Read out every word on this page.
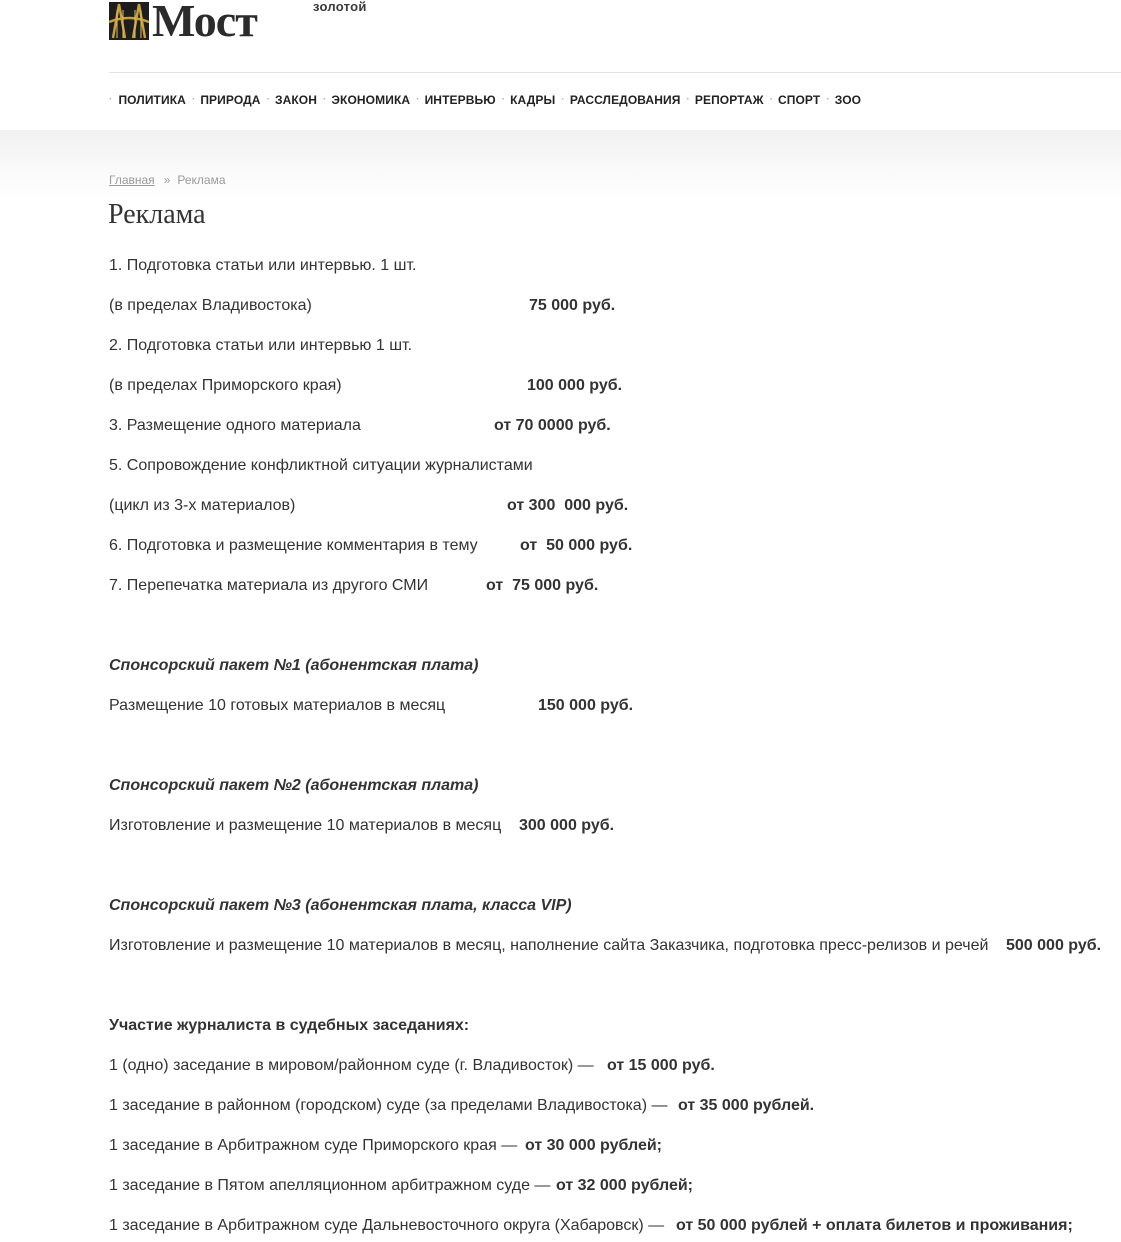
золотой
Мост
· ПОЛИТИКА · ПРИРОДА · ЗАКОН · ЭКОНОМИКА · ИНТЕРВЬЮ · КАДРЫ · РАССЛЕДОВАНИЯ · РЕПОРТАЖ · СПОРТ · ЗОО
Главная » Реклама
Реклама
1. Подготовка статьи или интервью. 1 шт.
(в пределах Владивостока)	75 000 руб.
2. Подготовка статьи или интервью 1 шт.
(в пределах Приморского края)	100 000 руб.
3. Размещение одного материала	от 70 0000 руб.
5. Сопровождение конфликтной ситуации журналистами
(цикл из 3-х материалов)	от 300  000 руб.
6. Подготовка и размещение комментария в тему	от  50 000 руб.
7. Перепечатка материала из другого СМИ	от  75 000 руб.
Спонсорский пакет №1 (абонентская плата)
Размещение 10 готовых материалов в месяц	150 000 руб.
Спонсорский пакет №2 (абонентская плата)
Изготовление и размещение 10 материалов в месяц 300 000 руб.
Спонсорский пакет №3 (абонентская плата, класса VIP)
Изготовление и размещение 10 материалов в месяц, наполнение сайта Заказчика, подготовка пресс-релизов и речей 500 000 руб.
Участие журналиста в судебных заседаниях:
1 (одно) заседание в мировом/районном суде (г. Владивосток) — от 15 000 руб.
1 заседание в районном (городском) суде (за пределами Владивостока) — от 35 000 рублей.
1 заседание в Арбитражном суде Приморского края — от 30 000 рублей;
1 заседание в Пятом апелляционном арбитражном суде — от 32 000 рублей;
1 заседание в Арбитражном суде Дальневосточного округа (Хабаровск) — от 50 000 рублей + оплата билетов и проживания;
